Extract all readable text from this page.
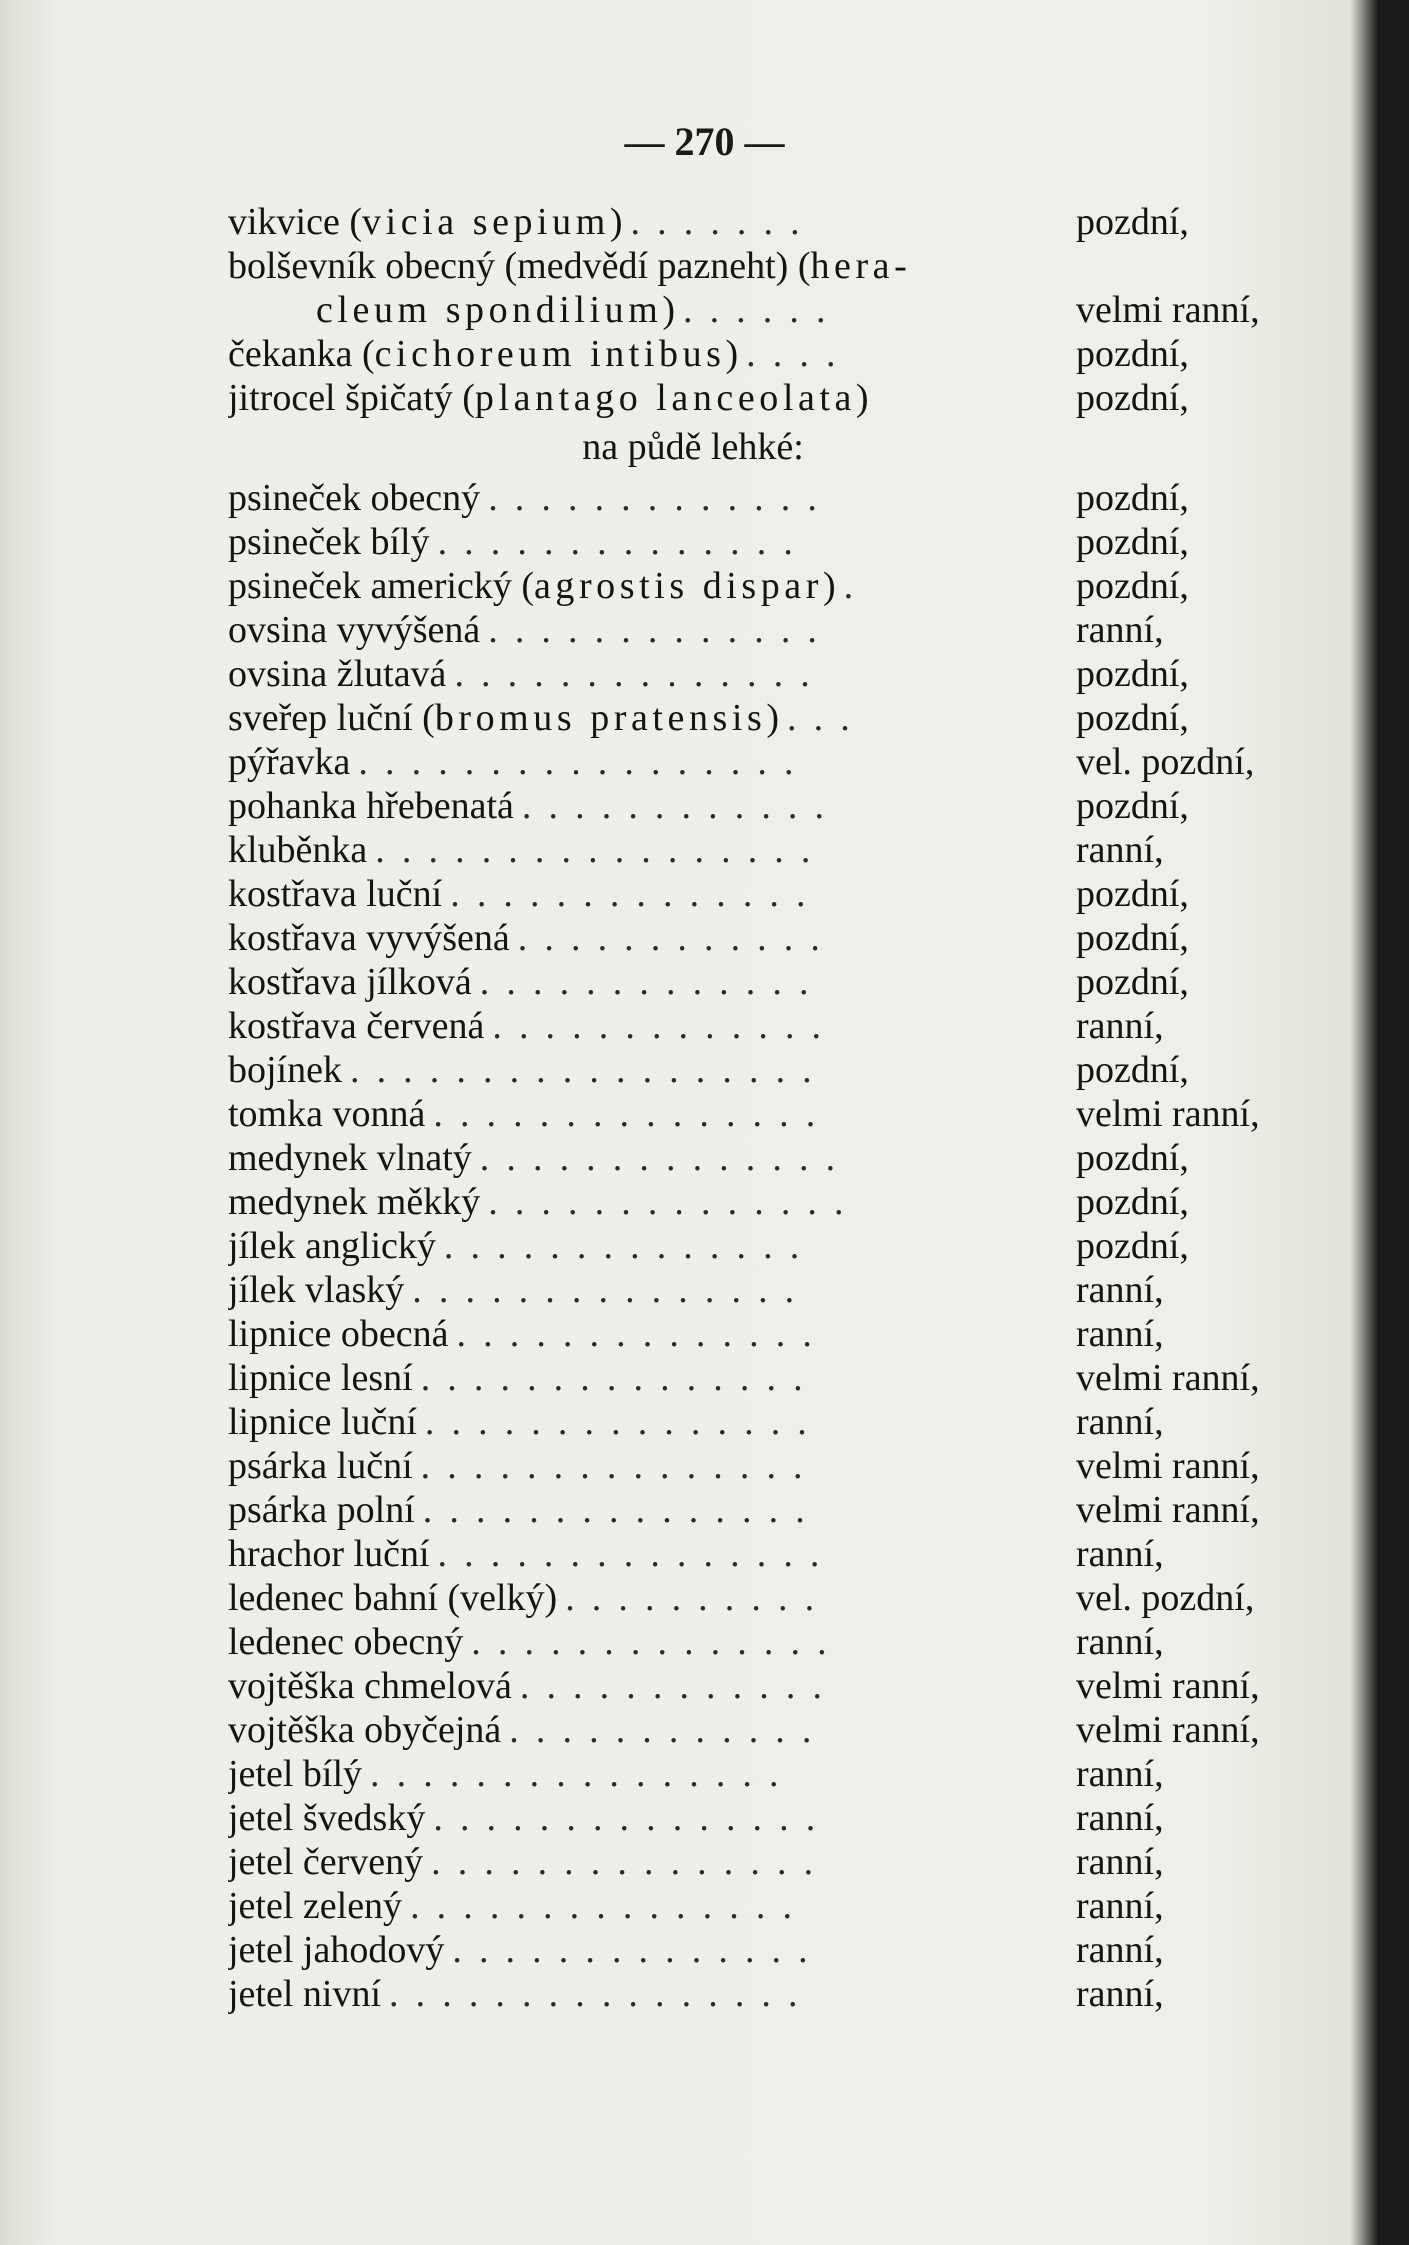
— 270 —
vikvice (vicia sepium) . . . . . . .	pozdní,
bolševník obecný (medvědí pazneht) (hera-
cleum spondilium) . . . . . .	velmi ranní,
čekanka (cichoreum intibus) . . . .	pozdní,
jitrocel špičatý (plantago lanceolata)	pozdní,
na půdě lehké:
psineček obecný . . . . . . . . . . . . .	pozdní,
psineček bílý . . . . . . . . . . . . . .	pozdní,
psineček americký (agrostis dispar) .	pozdní,
ovsina vyvýšená . . . . . . . . . . . . .	ranní,
ovsina žlutavá . . . . . . . . . . . . . .	pozdní,
sveřep luční (bromus pratensis) . . .	pozdní,
pýřavka . . . . . . . . . . . . . . . . .	vel. pozdní,
pohanka hřebenatá . . . . . . . . . . . .	pozdní,
kluběnka . . . . . . . . . . . . . . . . .	ranní,
kostřava luční . . . . . . . . . . . . . .	pozdní,
kostřava vyvýšená . . . . . . . . . . . .	pozdní,
kostřava jílková . . . . . . . . . . . . .	pozdní,
kostřava červená . . . . . . . . . . . . .	ranní,
bojínek . . . . . . . . . . . . . . . . . .	pozdní,
tomka vonná . . . . . . . . . . . . . . .	velmi ranní,
medynek vlnatý . . . . . . . . . . . . . .	pozdní,
medynek měkký . . . . . . . . . . . . . .	pozdní,
jílek anglický . . . . . . . . . . . . . .	pozdní,
jílek vlaský . . . . . . . . . . . . . . .	ranní,
lipnice obecná . . . . . . . . . . . . . .	ranní,
lipnice lesní . . . . . . . . . . . . . . .	velmi ranní,
lipnice luční . . . . . . . . . . . . . . .	ranní,
psárka luční . . . . . . . . . . . . . . .	velmi ranní,
psárka polní . . . . . . . . . . . . . . .	velmi ranní,
hrachor luční . . . . . . . . . . . . . . .	ranní,
ledenec bahní (velký) . . . . . . . . . .	vel. pozdní,
ledenec obecný . . . . . . . . . . . . . .	ranní,
vojtěška chmelová . . . . . . . . . . . .	velmi ranní,
vojtěška obyčejná . . . . . . . . . . . .	velmi ranní,
jetel bílý . . . . . . . . . . . . . . . .	ranní,
jetel švedský . . . . . . . . . . . . . . .	ranní,
jetel červený . . . . . . . . . . . . . . .	ranní,
jetel zelený . . . . . . . . . . . . . . .	ranní,
jetel jahodový . . . . . . . . . . . . . .	ranní,
jetel nivní . . . . . . . . . . . . . . . .	ranní,
